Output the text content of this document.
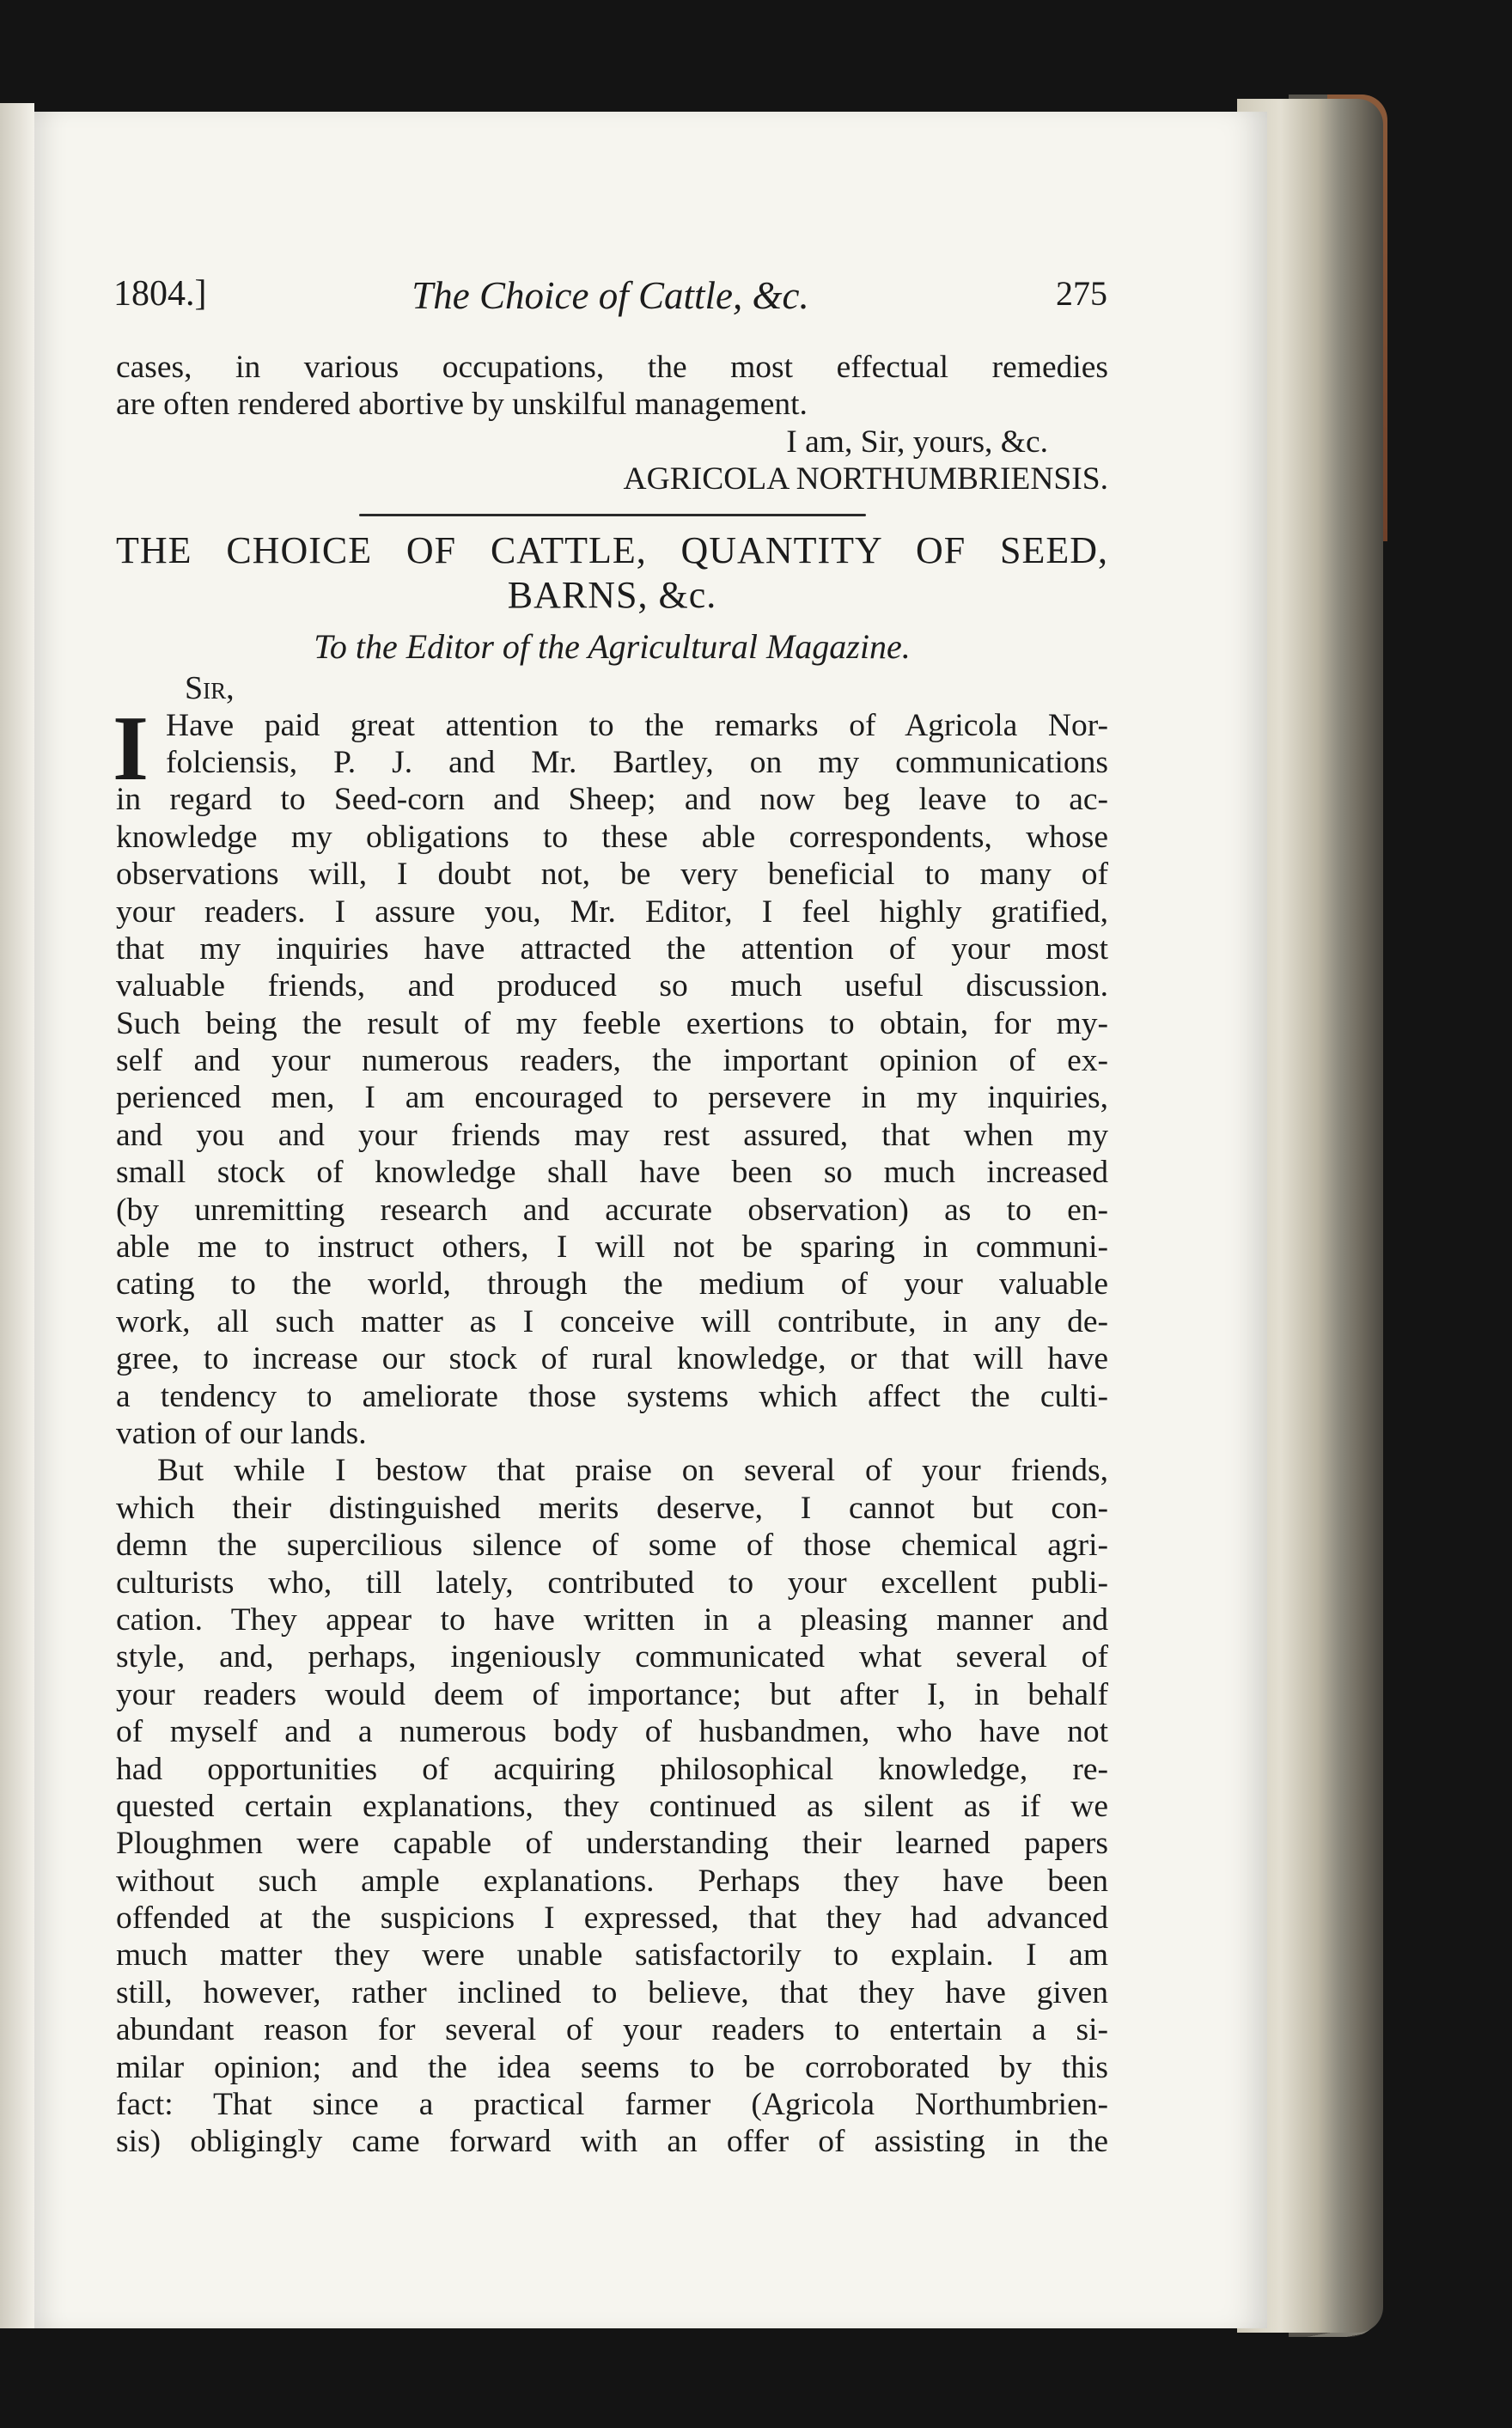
1804.]	The Choice of Cattle, &c.	275
cases, in various occupations, the most effectual remedies
are often rendered abortive by unskilful management.
I am, Sir, yours, &c.
AGRICOLA NORTHUMBRIENSIS.
THE CHOICE OF CATTLE, QUANTITY OF SEED,
BARNS, &c.
To the Editor of the Agricultural Magazine.
Sir,
I Have paid great attention to the remarks of Agricola Nor-
folciensis, P. J. and Mr. Bartley, on my communications
in regard to Seed-corn and Sheep; and now beg leave to ac-
knowledge my obligations to these able correspondents, whose
observations will, I doubt not, be very beneficial to many of
your readers. I assure you, Mr. Editor, I feel highly gratified,
that my inquiries have attracted the attention of your most
valuable friends, and produced so much useful discussion.
Such being the result of my feeble exertions to obtain, for my-
self and your numerous readers, the important opinion of ex-
perienced men, I am encouraged to persevere in my inquiries,
and you and your friends may rest assured, that when my
small stock of knowledge shall have been so much increased
(by unremitting research and accurate observation) as to en-
able me to instruct others, I will not be sparing in communi-
cating to the world, through the medium of your valuable
work, all such matter as I conceive will contribute, in any de-
gree, to increase our stock of rural knowledge, or that will have
a tendency to ameliorate those systems which affect the culti-
vation of our lands.
But while I bestow that praise on several of your friends,
which their distinguished merits deserve, I cannot but con-
demn the supercilious silence of some of those chemical agri-
culturists who, till lately, contributed to your excellent publi-
cation. They appear to have written in a pleasing manner and
style, and, perhaps, ingeniously communicated what several of
your readers would deem of importance; but after I, in behalf
of myself and a numerous body of husbandmen, who have not
had opportunities of acquiring philosophical knowledge, re-
quested certain explanations, they continued as silent as if we
Ploughmen were capable of understanding their learned papers
without such ample explanations. Perhaps they have been
offended at the suspicions I expressed, that they had advanced
much matter they were unable satisfactorily to explain. I am
still, however, rather inclined to believe, that they have given
abundant reason for several of your readers to entertain a si-
milar opinion; and the idea seems to be corroborated by this
fact: That since a practical farmer (Agricola Northumbrien-
sis) obligingly came forward with an offer of assisting in the
